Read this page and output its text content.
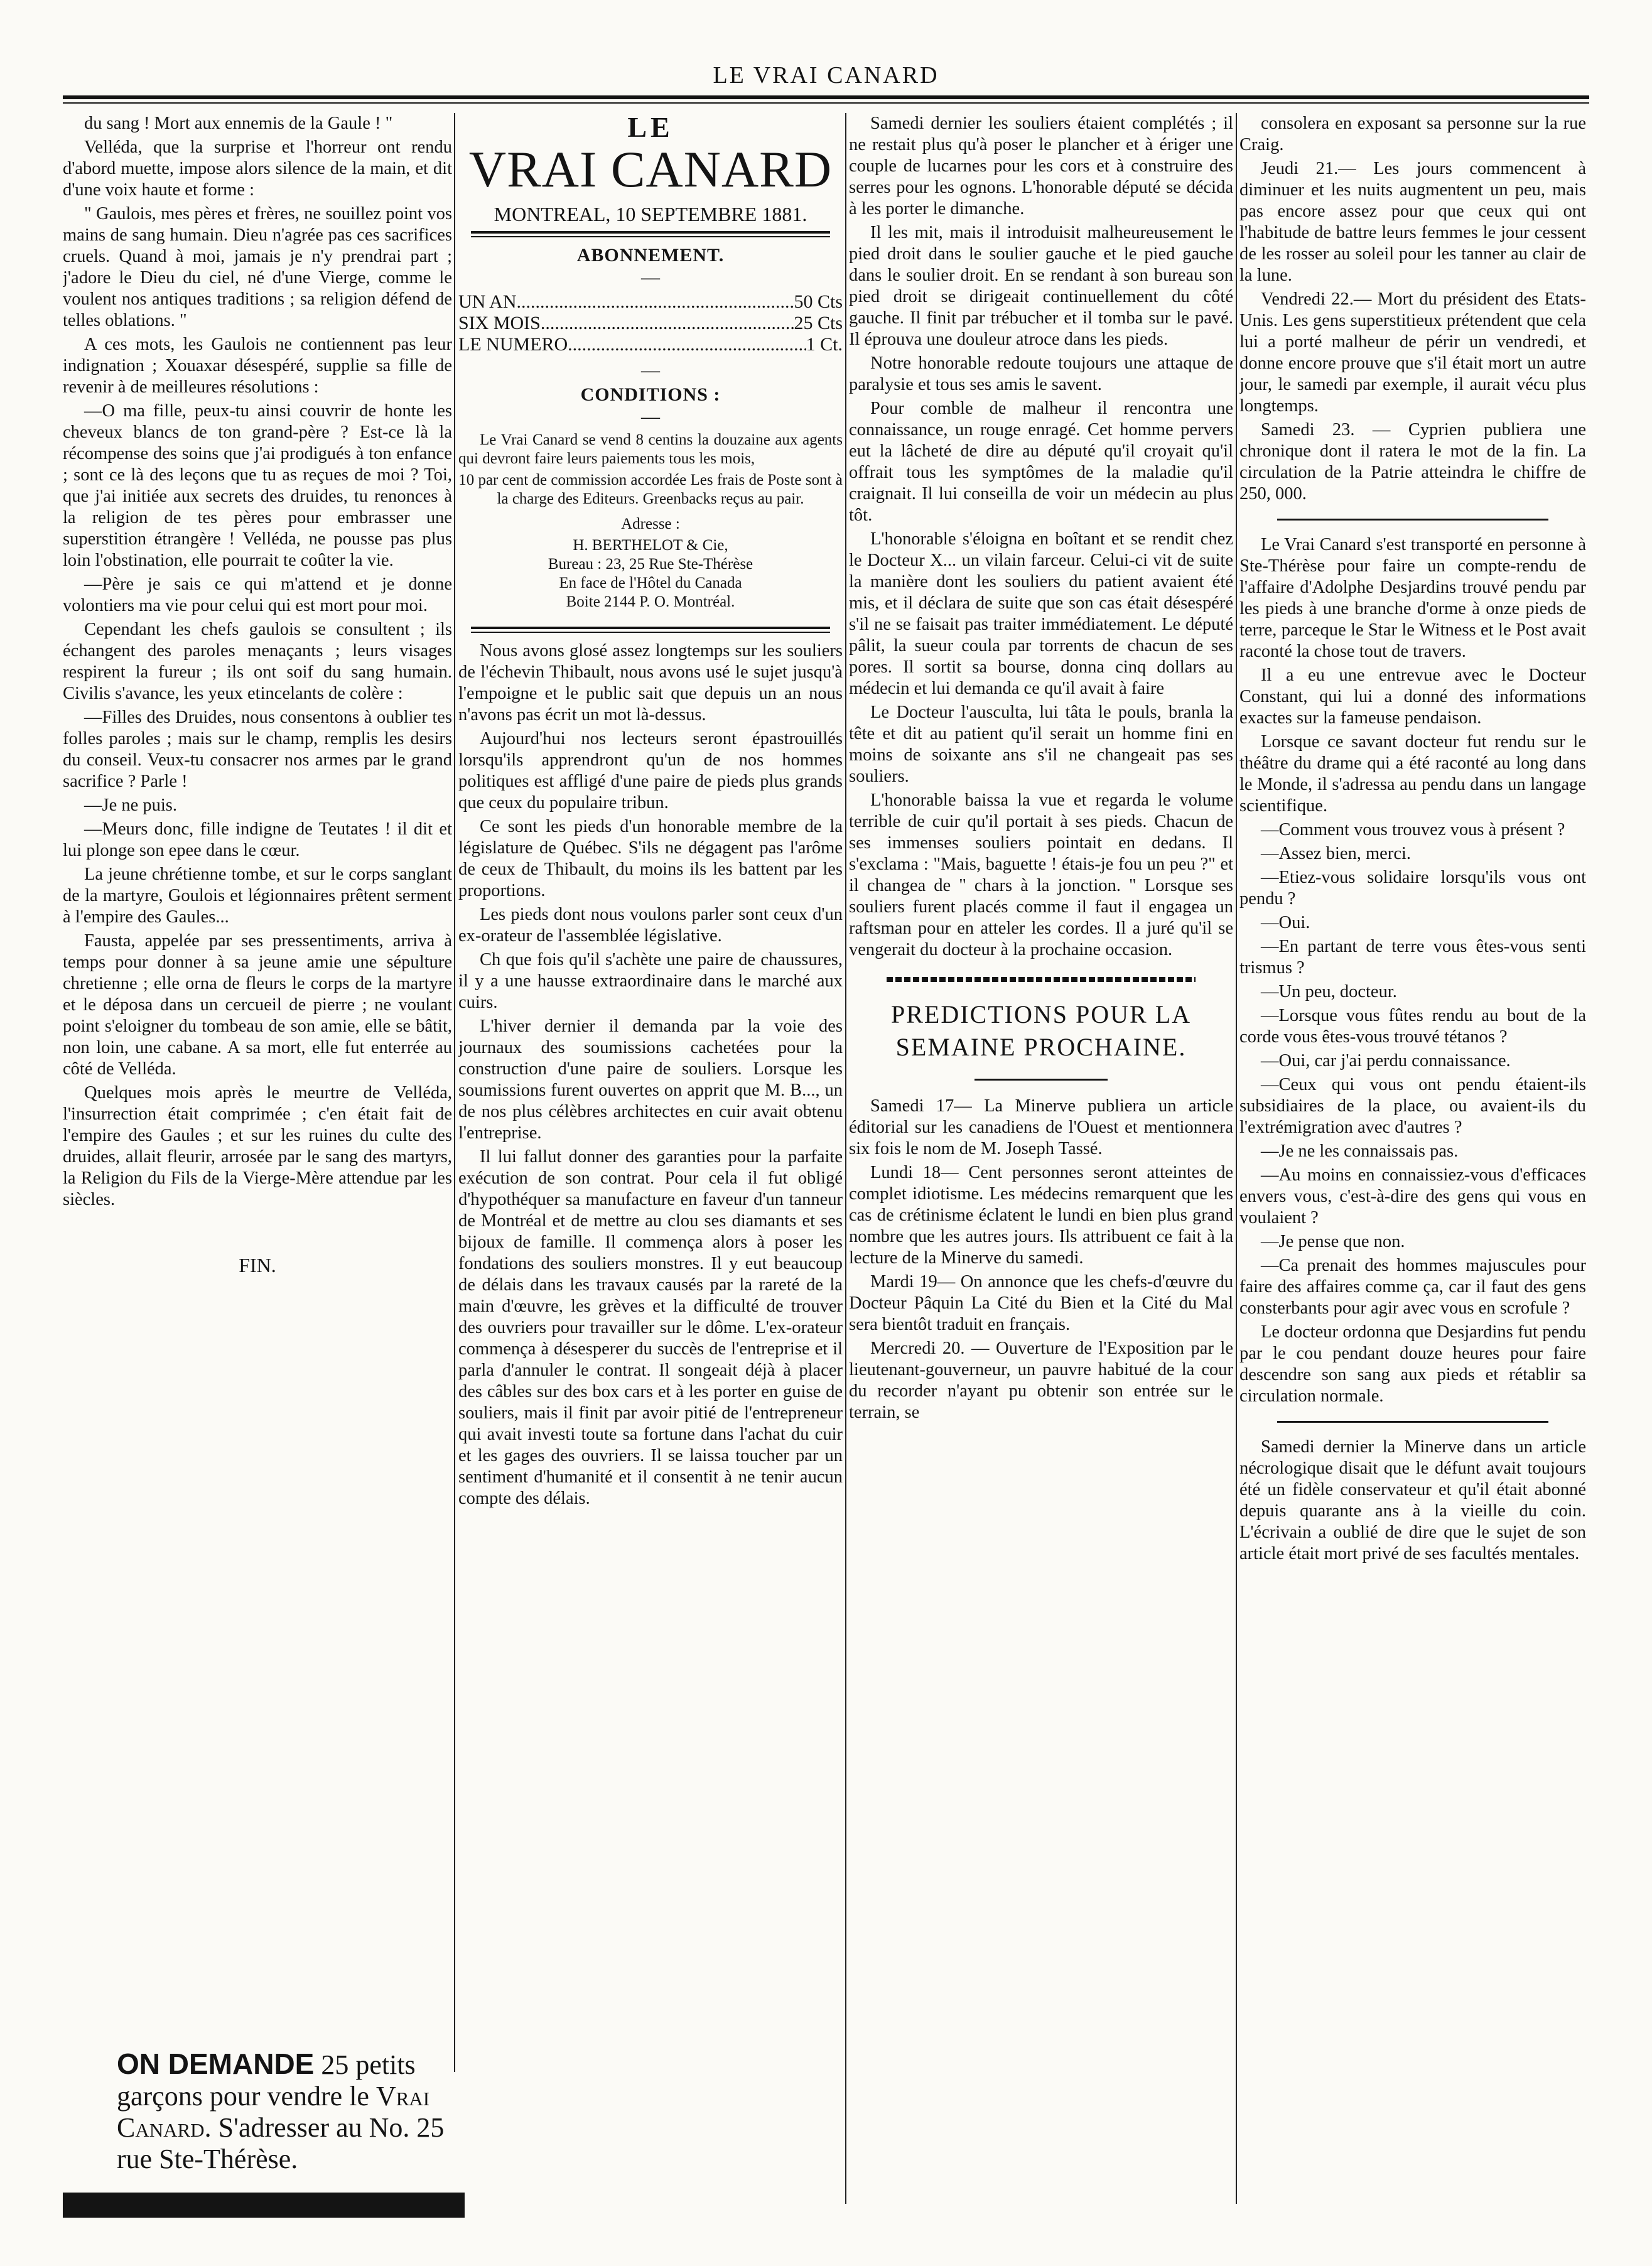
LE VRAI CANARD

du sang ! Mort aux ennemis de la Gaule ! "

Velléda, que la surprise et l'horreur ont rendu d'abord muette, impose alors silence de la main, et dit d'une voix haute et forme :

" Gaulois, mes pères et frères, ne souillez point vos mains de sang humain. Dieu n'agrée pas ces sacrifices cruels. Quand à moi, jamais je n'y prendrai part ; j'adore le Dieu du ciel, né d'une Vierge, comme le voulent nos antiques traditions ; sa religion défend de telles oblations. "

A ces mots, les Gaulois ne contiennent pas leur indignation ; Xouaxar désespéré, supplie sa fille de revenir à de meilleures résolutions :

—O ma fille, peux-tu ainsi couvrir de honte les cheveux blancs de ton grand-père ? Est-ce là la récompense des soins que j'ai prodigués à ton enfance ; sont ce là des leçons que tu as reçues de moi ? Toi, que j'ai initiée aux secrets des druides, tu renonces à la religion de tes pères pour embrasser une superstition étrangère ! Velléda, ne pousse pas plus loin l'obstination, elle pourrait te coûter la vie.

—Père je sais ce qui m'attend et je donne volontiers ma vie pour celui qui est mort pour moi.

Cependant les chefs gaulois se consultent ; ils échangent des paroles menaçants ; leurs visages respirent la fureur ; ils ont soif du sang humain. Civilis s'avance, les yeux etincelants de colère :

—Filles des Druides, nous consentons à oublier tes folles paroles ; mais sur le champ, remplis les desirs du conseil. Veux-tu consacrer nos armes par le grand sacrifice ? Parle !

—Je ne puis.

—Meurs donc, fille indigne de Teutates ! il dit et lui plonge son epee dans le cœur.

La jeune chrétienne tombe, et sur le corps sanglant de la martyre, Goulois et légionnaires prêtent serment à l'empire des Gaules...

Fausta, appelée par ses pressentiments, arriva à temps pour donner à sa jeune amie une sépulture chretienne ; elle orna de fleurs le corps de la martyre et le déposa dans un cercueil de pierre ; ne voulant point s'eloigner du tombeau de son amie, elle se bâtit, non loin, une cabane. A sa mort, elle fut enterrée au côté de Velléda.

Quelques mois après le meurtre de Velléda, l'insurrection était comprimée ; c'en était fait de l'empire des Gaules ; et sur les ruines du culte des druides, allait fleurir, arrosée par le sang des martyrs, la Religion du Fils de la Vierge-Mère attendue par les siècles.

FIN.
ON DEMANDE 25 petits garçons pour vendre le Vrai Canard. S'adresser au No. 25 rue Ste-Thérèse.
LE
VRAI CANARD
MONTREAL, 10 SEPTEMBRE 1881.
ABONNEMENT.
—
UN AN .....	50 Cts
SIX MOIS .....	25 Cts
LE NUMERO .....	1 Ct.
—
CONDITIONS :
—

Le Vrai Canard se vend 8 centins la douzaine aux agents qui devront faire leurs paiements tous les mois,

10 par cent de commission accordée Les frais de Poste sont à la charge des Editeurs. Greenbacks reçus au pair.

Adresse :

H. BERTHELOT & Cie,
Bureau : 23, 25 Rue Ste-Thérèse
En face de l'Hôtel du Canada
Boite 2144 P. O. Montréal.

Nous avons glosé assez longtemps sur les souliers de l'échevin Thibault, nous avons usé le sujet jusqu'à l'empoigne et le public sait que depuis un an nous n'avons pas écrit un mot là-dessus.

Aujourd'hui nos lecteurs seront épastrouillés lorsqu'ils apprendront qu'un de nos hommes politiques est affligé d'une paire de pieds plus grands que ceux du populaire tribun.

Ce sont les pieds d'un honorable membre de la législature de Québec. S'ils ne dégagent pas l'arôme de ceux de Thibault, du moins ils les battent par les proportions.

Les pieds dont nous voulons parler sont ceux d'un ex-orateur de l'assemblée législative.

Ch que fois qu'il s'achète une paire de chaussures, il y a une hausse extraordinaire dans le marché aux cuirs.

L'hiver dernier il demanda par la voie des journaux des soumissions cachetées pour la construction d'une paire de souliers. Lorsque les soumissions furent ouvertes on apprit que M. B..., un de nos plus célèbres architectes en cuir avait obtenu l'entreprise.

Il lui fallut donner des garanties pour la parfaite exécution de son contrat. Pour cela il fut obligé d'hypothéquer sa manufacture en faveur d'un tanneur de Montréal et de mettre au clou ses diamants et ses bijoux de famille. Il commença alors à poser les fondations des souliers monstres. Il y eut beaucoup de délais dans les travaux causés par la rareté de la main d'œuvre, les grèves et la difficulté de trouver des ouvriers pour travailler sur le dôme. L'ex-orateur commença à désesperer du succès de l'entreprise et il parla d'annuler le contrat. Il songeait déjà à placer des câbles sur des box cars et à les porter en guise de souliers, mais il finit par avoir pitié de l'entrepreneur qui avait investi toute sa fortune dans l'achat du cuir et les gages des ouvriers. Il se laissa toucher par un sentiment d'humanité et il consentit à ne tenir aucun compte des délais.

Samedi dernier les souliers étaient complétés ; il ne restait plus qu'à poser le plancher et à ériger une couple de lucarnes pour les cors et à construire des serres pour les ognons. L'honorable député se décida à les porter le dimanche.

Il les mit, mais il introduisit malheureusement le pied droit dans le soulier gauche et le pied gauche dans le soulier droit. En se rendant à son bureau son pied droit se dirigeait continuellement du côté gauche. Il finit par trébucher et il tomba sur le pavé. Il éprouva une douleur atroce dans les pieds.

Notre honorable redoute toujours une attaque de paralysie et tous ses amis le savent.

Pour comble de malheur il rencontra une connaissance, un rouge enragé. Cet homme pervers eut la lâcheté de dire au député qu'il croyait qu'il offrait tous les symptômes de la maladie qu'il craignait. Il lui conseilla de voir un médecin au plus tôt.

L'honorable s'éloigna en boîtant et se rendit chez le Docteur X... un vilain farceur. Celui-ci vit de suite la manière dont les souliers du patient avaient été mis, et il déclara de suite que son cas était désespéré s'il ne se faisait pas traiter immédiatement. Le député pâlit, la sueur coula par torrents de chacun de ses pores. Il sortit sa bourse, donna cinq dollars au médecin et lui demanda ce qu'il avait à faire

Le Docteur l'ausculta, lui tâta le pouls, branla la tête et dit au patient qu'il serait un homme fini en moins de soixante ans s'il ne changeait pas ses souliers.

L'honorable baissa la vue et regarda le volume terrible de cuir qu'il portait à ses pieds. Chacun de ses immenses souliers pointait en dedans. Il s'exclama : "Mais, baguette ! étais-je fou un peu ?" et il changea de " chars à la jonction. " Lorsque ses souliers furent placés comme il faut il engagea un raftsman pour en atteler les cordes. Il a juré qu'il se vengerait du docteur à la prochaine occasion.

PREDICTIONS POUR LA SEMAINE PROCHAINE.

Samedi 17— La Minerve publiera un article éditorial sur les canadiens de l'Ouest et mentionnera six fois le nom de M. Joseph Tassé.

Lundi 18— Cent personnes seront atteintes de complet idiotisme. Les médecins remarquent que les cas de crétinisme éclatent le lundi en bien plus grand nombre que les autres jours. Ils attribuent ce fait à la lecture de la Minerve du samedi.

Mardi 19— On annonce que les chefs-d'œuvre du Docteur Pâquin La Cité du Bien et la Cité du Mal sera bientôt traduit en français.

Mercredi 20. — Ouverture de l'Exposition par le lieutenant-gouverneur, un pauvre habitué de la cour du recorder n'ayant pu obtenir son entrée sur le terrain, se

consolera en exposant sa personne sur la rue Craig.

Jeudi 21.— Les jours commencent à diminuer et les nuits augmentent un peu, mais pas encore assez pour que ceux qui ont l'habitude de battre leurs femmes le jour cessent de les rosser au soleil pour les tanner au clair de la lune.

Vendredi 22.— Mort du président des Etats-Unis. Les gens superstitieux prétendent que cela lui a porté malheur de périr un vendredi, et donne encore prouve que s'il était mort un autre jour, le samedi par exemple, il aurait vécu plus longtemps.

Samedi 23. — Cyprien publiera une chronique dont il ratera le mot de la fin. La circulation de la Patrie atteindra le chiffre de 250, 000.

Le Vrai Canard s'est transporté en personne à Ste-Thérèse pour faire un compte-rendu de l'affaire d'Adolphe Desjardins trouvé pendu par les pieds à une branche d'orme à onze pieds de terre, parceque le Star le Witness et le Post avait raconté la chose tout de travers.

Il a eu une entrevue avec le Docteur Constant, qui lui a donné des informations exactes sur la fameuse pendaison.

Lorsque ce savant docteur fut rendu sur le théâtre du drame qui a été raconté au long dans le Monde, il s'adressa au pendu dans un langage scientifique.

—Comment vous trouvez vous à présent ?

—Assez bien, merci.

—Etiez-vous solidaire lorsqu'ils vous ont pendu ?

—Oui.

—En partant de terre vous êtes-vous senti trismus ?

—Un peu, docteur.

—Lorsque vous fûtes rendu au bout de la corde vous êtes-vous trouvé tétanos ?

—Oui, car j'ai perdu connaissance.

—Ceux qui vous ont pendu étaient-ils subsidiaires de la place, ou avaient-ils du l'extrémigration avec d'autres ?

—Je ne les connaissais pas.

—Au moins en connaissiez-vous d'efficaces envers vous, c'est-à-dire des gens qui vous en voulaient ?

—Je pense que non.

—Ca prenait des hommes majuscules pour faire des affaires comme ça, car il faut des gens consterbants pour agir avec vous en scrofule ?

Le docteur ordonna que Desjardins fut pendu par le cou pendant douze heures pour faire descendre son sang aux pieds et rétablir sa circulation normale.

Samedi dernier la Minerve dans un article nécrologique disait que le défunt avait toujours été un fidèle conservateur et qu'il était abonné depuis quarante ans à la vieille du coin. L'écrivain a oublié de dire que le sujet de son article était mort privé de ses facultés mentales.
